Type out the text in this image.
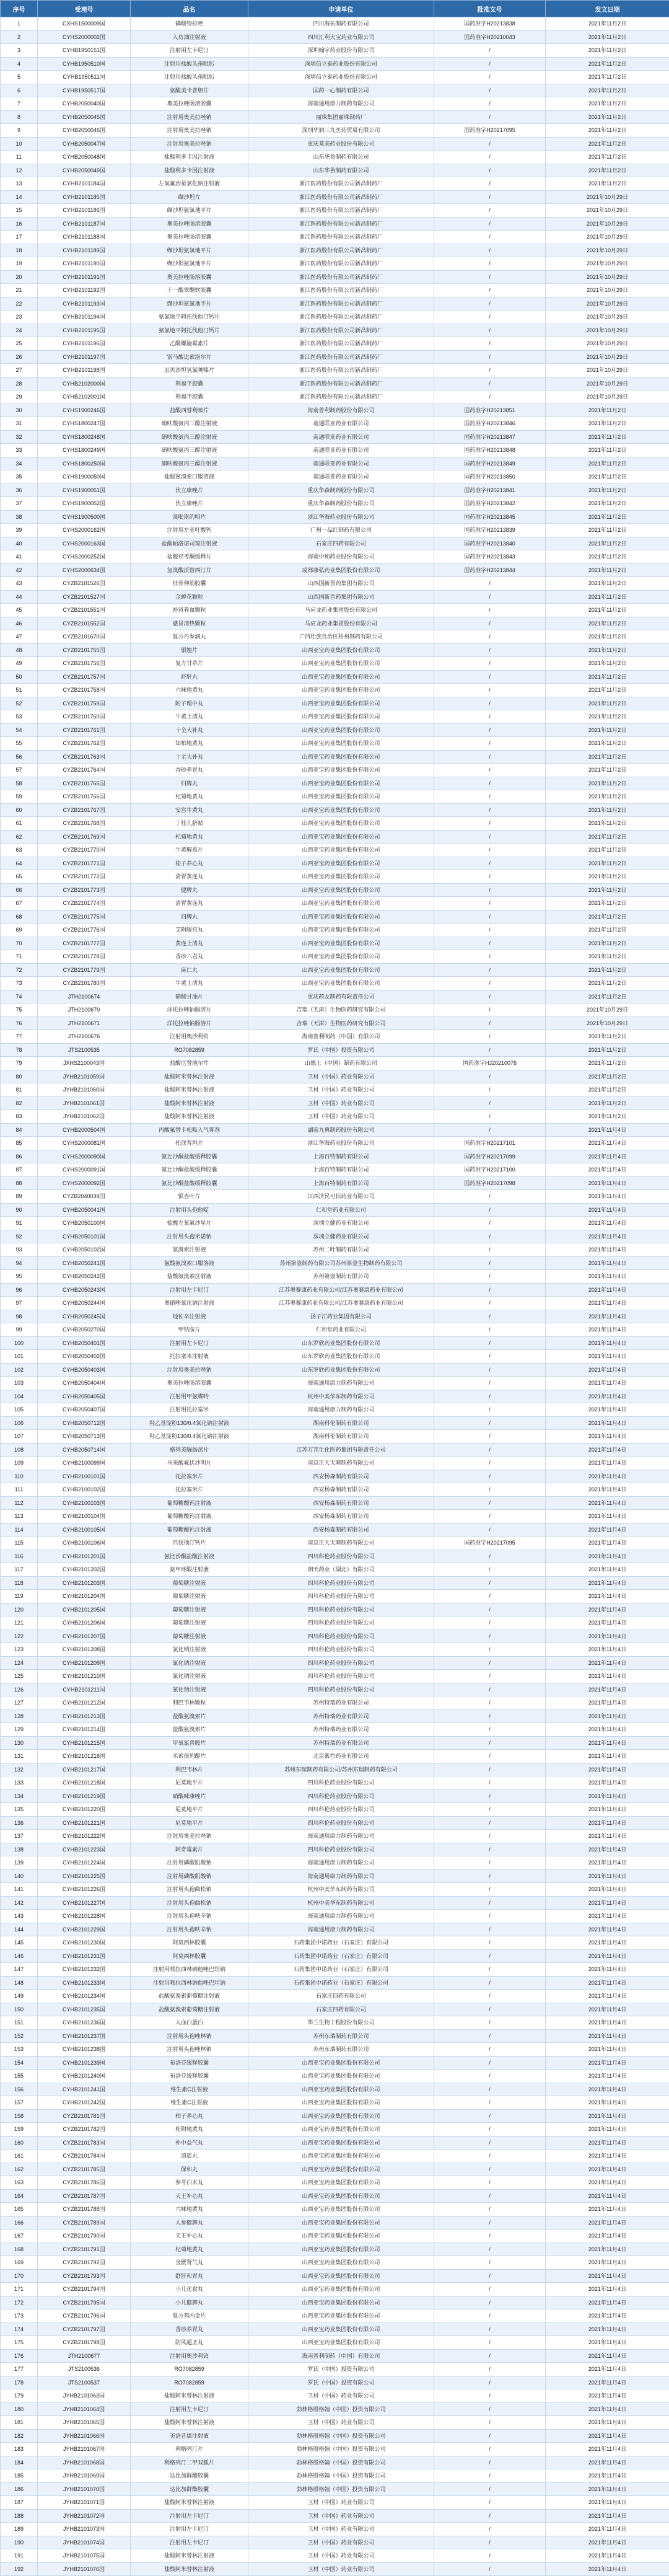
序号	受理号	品名	申请单位	批准文号	发文日期
1	CXHS1500009国	磷酸特拉唑	四川海拓制药有限公司	国药准字H20213838	2021年11月2日
2	CYHS2000002国	入坊油注射液	四川汇利大宝药业有限公司	国药准字H20210043	2021年11月2日
3	CYHB1950151国	注射用左卡尼汀	深圳翰宇药业股份有限公司	/	2021年11月2日
4	CYHB1950510国	注射用盐酸头孢吡肟	深圳信立泰药业股份有限公司	/	2021年11月2日
5	CYHB1950511国	注射用盐酸头孢吡肟	深圳信立泰药业股份有限公司	/	2021年11月2日
6	CYHB1950517国	氨酸美卡普胆片	国药一心制药有限公司	/	2021年11月2日
7	CYHB2050040国	奥美拉唑肠溶胶囊	海南通用康力制药有限公司	/	2021年11月2日
8	CYHB2050045国	注射用奥美拉唑钠	丽珠集团丽珠制药厂	/	2021年11月2日
9	CYHB2050046国	注射用奥美拉唑钠	深圳华润三九医药贸易有限公司	国药准字H20217095	2021年11月2日
10	CYHB2050047国	注射用奥美拉唑钠	重庆莱美药业股份有限公司	/	2021年11月2日
11	CYHB2050048国	盐酸利多卡因注射液	山东华鲁制药有限公司	/	2021年11月2日
12	CYHB2050049国	盐酸利多卡因注射液	山东华鲁制药有限公司	/	2021年11月2日
13	CYHB2101184国	左氧氟沙星氯化钠注射液	浙江医药股份有限公司新昌制药厂	/	2021年11月2日
14	CYHB2101185国	缬沙坦片	浙江医药股份有限公司新昌制药厂	/	2021年10月29日
15	CYHB2101186国	缬沙坦氨氯地平片	浙江医药股份有限公司新昌制药厂	/	2021年10月29日
16	CYHB2101187国	奥美拉唑肠溶胶囊	浙江医药股份有限公司新昌制药厂	/	2021年10月29日
17	CYHB2101188国	奥美拉唑肠溶胶囊	浙江医药股份有限公司新昌制药厂	/	2021年10月29日
18	CYHB2101189国	缬沙坦氨氯地平片	浙江医药股份有限公司新昌制药厂	/	2021年10月29日
19	CYHB2101190国	缬沙坦氨氯地平片	浙江医药股份有限公司新昌制药厂	/	2021年10月29日
20	CYHB2101191国	奥美拉唑肠溶胶囊	浙江医药股份有限公司新昌制药厂	/	2021年10月29日
21	CYHB2101192国	十一酸睾酮软胶囊	浙江医药股份有限公司新昌制药厂	/	2021年10月29日
22	CYHB2101193国	缬沙坦氨氯地平片	浙江医药股份有限公司新昌制药厂	/	2021年10月29日
23	CYHB2101194国	氨氯地平阿托伐他汀钙片	浙江医药股份有限公司新昌制药厂	/	2021年10月29日
24	CYHB2101195国	氨氯地平阿托伐他汀钙片	浙江医药股份有限公司新昌制药厂	/	2021年10月29日
25	CYHB2101196国	乙酰螺旋霉素片	浙江医药股份有限公司新昌制药厂	/	2021年10月29日
26	CYHB2101197国	富马酸比索洛尔片	浙江医药股份有限公司新昌制药厂	/	2021年10月29日
27	CYHB2101198国	厄贝沙坦氢氯噻嗪片	浙江医药股份有限公司新昌制药厂	/	2021年10月29日
28	CYHB2102000国	利福平胶囊	浙江医药股份有限公司新昌制药厂	/	2021年10月29日
29	CYHB2102001国	利福平胶囊	浙江医药股份有限公司新昌制药厂	/	2021年10月29日
30	CYHS1900246国	盐酸西替利嗪片	海南普利制药股份有限公司	国药准字H20213851	2021年11月2日
31	CYHS1800247国	硝呋酸氨丙三醇注射液	南通联亚药业有限公司	国药准字H20213846	2021年11月2日
32	CYHS1800248国	硝呋酸氨丙三醇注射液	南通联亚药业有限公司	国药准字H20213847	2021年11月2日
33	CYHS1800249国	硝呋酸氨丙三醇注射液	南通联亚药业有限公司	国药准字H20213848	2021年11月2日
34	CYHS1800250国	硝呋酸氨丙三醇注射液	南通联亚药业有限公司	国药准字H20213849	2021年11月2日
35	CYHS1900050国	盐酸氨溴索口服溶液	南通联亚药业有限公司	国药准字H20213850	2021年11月2日
36	CYHS1900051国	伏立康唑片	重庆华森制药股份有限公司	国药准字H20213841	2021年11月2日
37	CYHS1900052国	伏立康唑片	重庆华森制药股份有限公司	国药准字H20213842	2021年11月2日
38	CYHS1900500国	溴吡斯的明片	浙江华海药业股份有限公司	国药准字H20213845	2021年11月2日
39	CYHS2000162国	注射用左亚叶酸钙	广州一品红制药有限公司	国药准字H20213839	2021年11月2日
40	CYHS2000163国	盐酸帕洛诺司琼注射液	石家庄四药有限公司	国药准字H20213840	2021年11月2日
41	CYHS2000252国	盐酸羟考酮缓释片	海南中和药业股份有限公司	国药准字H20213843	2021年11月2日
42	CYHS2000634国	氢溴酸沃替西汀片	成都康弘药业集团股份有限公司	国药准字H20213844	2021年11月2日
43	CYZB2101526国	壮骨伸筋胶囊	山西国新晋药集团有限公司	/	2021年11月2日
44	CYZB2101527国	金蝉花颗粒	山西国新晋药集团有限公司	/	2021年11月2日
45	CYZB2101551国	补肾养血颗粒	马应龙药业集团股份有限公司	/	2021年11月2日
46	CYZB2101552国	感冒清热颗粒	马应龙药业集团股份有限公司	/	2021年11月2日
47	CYZB2101670国	复方丹参滴丸	广西壮族自治区梧州制药有限公司	/	2021年11月2日
48	CYZB2101755国	银翘片	山西亚宝药业集团股份有限公司	/	2021年11月2日
49	CYZB2101756国	复方甘草片	山西亚宝药业集团股份有限公司	/	2021年11月2日
50	CYZB2101757国	舒肝丸	山西亚宝药业集团股份有限公司	/	2021年11月2日
51	CYZB2101758国	六味地黄丸	山西亚宝药业集团股份有限公司	/	2021年11月2日
52	CYZB2101759国	附子理中丸	山西亚宝药业集团股份有限公司	/	2021年11月2日
53	CYZB2101760国	牛黄上清丸	山西亚宝药业集团股份有限公司	/	2021年11月2日
54	CYZB2101761国	十全大补丸	山西亚宝药业集团股份有限公司	/	2021年11月2日
55	CYZB2101762国	知柏地黄丸	山西亚宝药业集团股份有限公司	/	2021年11月2日
56	CYZB2101763国	十全大补丸	山西亚宝药业集团股份有限公司	/	2021年11月2日
57	CYZB2101764国	香砂养胃丸	山西亚宝药业集团股份有限公司	/	2021年11月2日
58	CYZB2101765国	归脾丸	山西亚宝药业集团股份有限公司	/	2021年11月2日
59	CYZB2101766国	杞菊地黄丸	山西亚宝药业集团股份有限公司	/	2021年11月2日
60	CYZB2101767国	安宫牛黄丸	山西亚宝药业集团股份有限公司	/	2021年11月2日
61	CYZB2101768国	丁桂儿脐贴	山西亚宝药业集团股份有限公司	/	2021年11月2日
62	CYZB2101769国	杞菊地黄丸	山西亚宝药业集团股份有限公司	/	2021年11月2日
63	CYZB2101770国	牛黄解毒片	山西亚宝药业集团股份有限公司	/	2021年11月2日
64	CYZB2101771国	桂子养心丸	山西亚宝药业集团股份有限公司	/	2021年11月2日
65	CYZB2101772国	清胃黄连丸	山西亚宝药业集团股份有限公司	/	2021年11月2日
66	CYZB2101773国	健脾丸	山西亚宝药业集团股份有限公司	/	2021年11月2日
67	CYZB2101774国	清胃黄连丸	山西亚宝药业集团股份有限公司	/	2021年11月2日
68	CYZB2101775国	归脾丸	山西亚宝药业集团股份有限公司	/	2021年11月2日
69	CYZB2101776国	艾附暖宫丸	山西亚宝药业集团股份有限公司	/	2021年11月2日
70	CYZB2101777国	黄连上清丸	山西亚宝药业集团股份有限公司	/	2021年11月2日
71	CYZB2101778国	香砂六君丸	山西亚宝药业集团股份有限公司	/	2021年11月2日
72	CYZB2101779国	麻仁丸	山西亚宝药业集团股份有限公司	/	2021年11月2日
73	CYZB2101780国	牛黄上清丸	山西亚宝药业集团股份有限公司	/	2021年11月2日
74	JTH2100674	硝酸甘油片	重庆药友制药有限责任公司	/	2021年11月2日
75	JTH2100670	洋托拉唑钠肠溶片	吉瑞（天津）生物医药研究有限公司	/	2021年10月29日
76	JTH2100671	洋托拉唑钠肠溶片	吉瑞（天津）生物医药研究有限公司	/	2021年10月29日
77	JTH2100676	注射用奥沙利铂	海南普利制药（中国）有限公司	/	2021年11月2日
78	JTS2100535	RO7082859	罗氏（中国）投资有限公司	/	2021年11月2日
79	JXHS2100043国	盐酸厄替地尔片	山德士（中国）制药有限公司	国药准字HJ20210076	2021年11月2日
80	JYHB2101059国	盐酸阿米替林注射液	卫材（中国）药业有限公司	/	2021年11月2日
81	JYHB2101060国	盐酸阿米替林注射液	卫材（中国）药业有限公司	/	2021年11月2日
82	JYHB2101061国	盐酸阿米替林注射液	卫材（中国）药业有限公司	/	2021年11月2日
83	JYHB2101062国	盐酸阿米替林注射液	卫材（中国）药业有限公司	/	2021年11月2日
84	CYHB2000504国	丙酸氟替卡松吸入气雾剂	湖南九典制药股份有限公司	/	2021年11月4日
85	CYHS2000081国	托伐普坦片	浙江华海药业股份有限公司	国药准字H20217101	2021年11月4日
86	CYHS2000090国	氨比沙酮盐酸缓释胶囊	上海百特制药有限公司	国药准字H20217099	2021年11月4日
87	CYHS2000091国	氨比沙酮盐酸缓释胶囊	上海百特制药有限公司	国药准字H20217100	2021年11月4日
88	CYHS2000092国	氨比沙酮盐酸缓释胶囊	上海百特制药有限公司	国药准字H20217098	2021年11月4日
89	CYZB2040039国	银杏叶片	江西济民可信药业有限公司	/	2021年11月4日
90	CYHB2050041国	注射用头孢他啶	仁和堂药业有限公司	/	2021年11月4日
91	CYHB2050100国	盐酸左氧氟沙星片	深圳立健药业有限公司	/	2021年11月4日
92	CYHB2050101国	注射用头孢米诺钠	深圳立健药业有限公司	/	2021年11月4日
93	CYHB2050102国	氨溴索注射液	苏州二叶制药有限公司	/	2021年11月4日
94	CYHB2050241国	氨酸氨溴索口服溶液	苏州第壹制药有限公司苏州第壹生物制药有限公司	/	2021年11月4日
95	CYHB2050242国	盐酸氨溴索注射液	苏州第壹制药有限公司	/	2021年11月4日
96	CYHB2050243国	注射用左卡尼汀	江苏奥赛康药业有限公司/江苏奥赛康药业有限公司	/	2021年11月4日
97	CYHB2050244国	奥硝唑氯化钠注射液	江苏奥赛康药业有限公司/江苏奥赛康药业有限公司	/	2021年11月4日
98	CYHB2050245国	地佐辛注射液	扬子江药业集团有限公司	/	2021年11月4日
99	CYHB2050270国	甲钴胺片	仁和堂药业有限公司	/	2021年11月4日
100	CYHB2050401国	注射用左卡尼汀	山东罗欣药业集团股份有限公司	/	2021年11月4日
101	CYHB2050402国	托拉塞米注射液	山东罗欣药业集团股份有限公司	/	2021年11月4日
102	CYHB2050403国	注射用奥美拉唑钠	山东罗欣药业集团股份有限公司	/	2021年11月4日
103	CYHB2050404国	奥美拉唑肠溶胶囊	海南通用康力制药有限公司	/	2021年11月4日
104	CYHB2050405国	注射用甲氨蝶呤	杭州中美华东制药有限公司	/	2021年11月4日
105	CYHB2050407国	注射用托拉塞米	海南通用康力制药有限公司	/	2021年11月4日
106	CYHB2050712国	羟乙基淀粉130/0.4氯化钠注射液	湖南科伦制药有限公司	/	2021年11月4日
107	CYHB2050713国	羟乙基淀粉130/0.4氯化钠注射液	湖南科伦制药有限公司	/	2021年11月4日
108	CYHB2050714国	格列美脲肠溶片	江苏万邦生化医药集团有限责任公司	/	2021年11月4日
109	CYHB2100099国	马来酸氟伏沙明片	南京正大天晴制药有限公司	/	2021年11月4日
110	CYHB2100101国	托拉塞米片	西安杨森制药有限公司	/	2021年11月4日
111	CYHB2100102国	托拉塞米片	西安杨森制药有限公司	/	2021年11月4日
112	CYHB2100103国	葡萄糖酸钙注射液	西安杨森制药有限公司	/	2021年11月4日
113	CYHB2100104国	葡萄糖酸钙注射液	西安杨森制药有限公司	/	2021年11月4日
114	CYHB2100105国	葡萄糖酸钙注射液	西安杨森制药有限公司	/	2021年11月4日
115	CYHB2100106国	匹伐他汀钙片	南京正大天晴制药有限公司	国药准字H20217095	2021年11月4日
116	CYHB2101201国	氨比沙酮盐酸注射液	四川科伦药业股份有限公司	/	2021年11月4日
117	CYHB2101202国	氨甲环酸注射液	朗天药业（湖北）有限公司	/	2021年11月4日
118	CYHB2101203国	葡萄糖注射液	四川科伦药业股份有限公司	/	2021年11月4日
119	CYHB2101204国	葡萄糖注射液	四川科伦药业股份有限公司	/	2021年11月4日
120	CYHB2101205国	葡萄糖注射液	四川科伦药业股份有限公司	/	2021年11月4日
121	CYHB2101206国	葡萄糖注射液	四川科伦药业股份有限公司	/	2021年11月4日
122	CYHB2101207国	葡萄糖注射液	四川科伦药业股份有限公司	/	2021年11月4日
123	CYHB2101208国	氯化钠注射液	四川科伦药业股份有限公司	/	2021年11月4日
124	CYHB2101209国	氯化钠注射液	四川科伦药业股份有限公司	/	2021年11月4日
125	CYHB2101210国	氯化钠注射液	四川科伦药业股份有限公司	/	2021年11月4日
126	CYHB2101211国	氯化钠注射液	四川科伦药业股份有限公司	/	2021年11月4日
127	CYHB2101212国	利巴韦林颗粒	苏州特瑞药业有限公司	/	2021年11月4日
128	CYHB2101213国	盐酸氨溴索片	苏州特瑞药业有限公司	/	2021年11月4日
129	CYHB2101214国	盐酸氨溴索片	苏州特瑞药业有限公司	/	2021年11月4日
130	CYHB2101215国	甲氧氯普胺片	苏州特瑞药业有限公司	/	2021年11月4日
131	CYHB2101216国	米索前列醇片	北京紫竹药业有限公司	/	2021年11月4日
132	CYHB2101217国	利巴韦林片	苏州东瑞制药有限公司/苏州东瑞制药有限公司	/	2021年11月4日
133	CYHB2101218国	尼莫地平片	四川科伦药业股份有限公司	/	2021年11月4日
134	CYHB2101219国	硝酸咪康唑片	四川科伦药业股份有限公司	/	2021年11月4日
135	CYHB2101220国	尼莫地平片	四川科伦药业股份有限公司	/	2021年11月4日
136	CYHB2101221国	尼莫地平片	四川科伦药业股份有限公司	/	2021年11月4日
137	CYHB2101222国	注射用奥美拉唑钠	海南通用康力制药有限公司	/	2021年11月4日
138	CYHB2101223国	阿奇霉素片	四川科伦药业股份有限公司	/	2021年11月4日
139	CYHB2101224国	注射用磷酸肌酸钠	海南通用康力制药有限公司	/	2021年11月4日
140	CYHB2101225国	注射用磷酸肌酸钠	海南通用康力制药有限公司	/	2021年11月4日
141	CYHB2101226国	注射用头孢曲松钠	杭州中美华东制药有限公司	/	2021年11月4日
142	CYHB2101227国	注射用头孢曲松钠	杭州中美华东制药有限公司	/	2021年11月4日
143	CYHB2101228国	注射用头孢呋辛钠	海南通用康力制药有限公司	/	2021年11月4日
144	CYHB2101229国	注射用头孢呋辛钠	海南通用康力制药有限公司	/	2021年11月4日
145	CYHB2101230国	阿莫西林胶囊	石药集团中诺药业（石家庄）有限公司	/	2021年11月4日
146	CYHB2101231国	阿莫西林胶囊	石药集团中诺药业（石家庄）有限公司	/	2021年11月4日
147	CYHB2101232国	注射用哌拉西林钠他唑巴坦钠	石药集团中诺药业（石家庄）有限公司	/	2021年11月4日
148	CYHB2101233国	注射用哌拉西林钠他唑巴坦钠	石药集团中诺药业（石家庄）有限公司	/	2021年11月4日
149	CYHB2101234国	盐酸氨溴索葡萄糖注射液	石家庄四药有限公司	/	2021年11月4日
150	CYHB2101235国	盐酸氨溴索葡萄糖注射液	石家庄四药有限公司	/	2021年11月4日
151	CYHB2101236国	人血白蛋白	华兰生物工程股份有限公司	/	2021年11月4日
152	CYHB2101237国	注射用头孢唑林钠	苏州东瑞制药有限公司	/	2021年11月4日
153	CYHB2101238国	注射用头孢唑林钠	苏州东瑞制药有限公司	/	2021年11月4日
154	CYHB2101239国	布洛芬缓释胶囊	山西亚宝药业集团股份有限公司	/	2021年11月4日
155	CYHB2101240国	布洛芬缓释胶囊	山西亚宝药业集团股份有限公司	/	2021年11月4日
156	CYHB2101241国	维生素C注射液	山西亚宝药业集团股份有限公司	/	2021年11月4日
157	CYHB2101242国	维生素C注射液	山西亚宝药业集团股份有限公司	/	2021年11月4日
158	CYZB2101781国	柏子养心丸	山西亚宝药业集团股份有限公司	/	2021年11月4日
159	CYZB2101782国	桂附地黄丸	山西亚宝药业集团股份有限公司	/	2021年11月4日
160	CYZB2101783国	补中益气丸	山西亚宝药业集团股份有限公司	/	2021年11月4日
161	CYZB2101784国	逍遥丸	山西亚宝药业集团股份有限公司	/	2021年11月4日
162	CYZB2101785国	保和丸	山西亚宝药业集团股份有限公司	/	2021年11月4日
163	CYZB2101786国	参苓白术丸	山西亚宝药业集团股份有限公司	/	2021年11月4日
164	CYZB2101787国	天王补心丸	山西亚宝药业集团股份有限公司	/	2021年11月4日
165	CYZB2101788国	六味地黄丸	山西亚宝药业集团股份有限公司	/	2021年11月4日
166	CYZB2101789国	人参健脾丸	山西亚宝药业集团股份有限公司	/	2021年11月4日
167	CYZB2101790国	天王补心丸	山西亚宝药业集团股份有限公司	/	2021年11月4日
168	CYZB2101791国	杞菊地黄丸	山西亚宝药业集团股份有限公司	/	2021年11月4日
169	CYZB2101792国	金匮肾气丸	山西亚宝药业集团股份有限公司	/	2021年11月4日
170	CYZB2101793国	舒肝和胃丸	山西亚宝药业集团股份有限公司	/	2021年11月4日
171	CYZB2101794国	小儿化食丸	山西亚宝药业集团股份有限公司	/	2021年11月4日
172	CYZB2101795国	小儿健脾丸	山西亚宝药业集团股份有限公司	/	2021年11月4日
173	CYZB2101796国	复方鸡内金片	山西亚宝药业集团股份有限公司	/	2021年11月4日
174	CYZB2101797国	香砂养胃丸	山西亚宝药业集团股份有限公司	/	2021年11月4日
175	CYZB2101798国	防风通圣丸	山西亚宝药业集团股份有限公司	/	2021年11月4日
176	JTH2100677	注射用奥沙利铂	海南普利制药（中国）有限公司	/	2021年11月4日
177	JTS2100536	RO7082859	罗氏（中国）投资有限公司	/	2021年11月4日
178	JTS2100537	RO7082859	罗氏（中国）投资有限公司	/	2021年11月4日
179	JYHB2101063国	盐酸阿米替林注射液	卫材（中国）药业有限公司	/	2021年11月4日
180	JYHB2101064国	注射用左卡尼汀	勃林格殷格翰（中国）投资有限公司	/	2021年11月4日
181	JYHB2101065国	盐酸阿米替林注射液	卫材（中国）药业有限公司	/	2021年11月4日
182	JYHB2101066国	美洛昔康注射液	勃林格殷格翰（中国）投资有限公司	/	2021年11月4日
183	JYHB2101067国	利格列汀片	勃林格殷格翰（中国）投资有限公司	/	2021年11月4日
184	JYHB2101068国	利格列汀二甲双胍片	勃林格殷格翰（中国）投资有限公司	/	2021年11月4日
185	JYHB2101069国	达比加群酯胶囊	勃林格殷格翰（中国）投资有限公司	/	2021年11月4日
186	JYHB2101070国	达比加群酯胶囊	勃林格殷格翰（中国）投资有限公司	/	2021年11月4日
187	JYHB2101071国	盐酸阿米替林注射液	卫材（中国）药业有限公司	/	2021年11月4日
188	JYHB2101072国	注射用左卡尼汀	卫材（中国）药业有限公司	/	2021年11月4日
189	JYHB2101073国	注射用左卡尼汀	卫材（中国）药业有限公司	/	2021年11月4日
190	JYHB2101074国	注射用左卡尼汀	卫材（中国）药业有限公司	/	2021年11月4日
191	JYHB2101075国	盐酸阿米替林注射液	卫材（中国）药业有限公司	/	2021年11月4日
192	JYHB2101076国	盐酸阿米替林注射液	卫材（中国）药业有限公司	/	2021年11月4日
